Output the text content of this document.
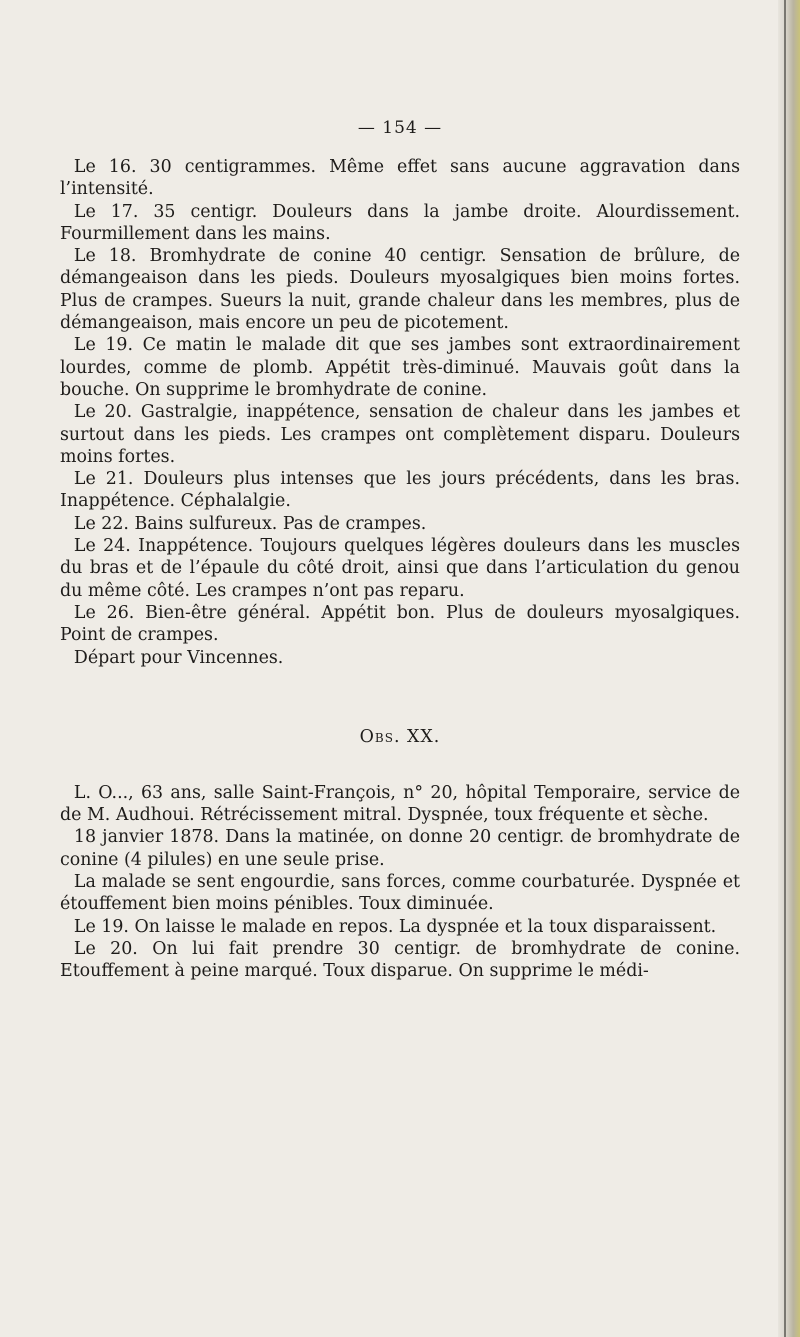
— 154 —

Le 16. 30 centigrammes. Même effet sans aucune aggravation dans l’intensité.

Le 17. 35 centigr. Douleurs dans la jambe droite. Alourdissement. Fourmillement dans les mains.

Le 18. Bromhydrate de conine 40 centigr. Sensation de brûlure, de démangeaison dans les pieds. Douleurs myosalgiques bien moins fortes. Plus de crampes. Sueurs la nuit, grande chaleur dans les membres, plus de démangeaison, mais encore un peu de picotement.

Le 19. Ce matin le malade dit que ses jambes sont extraordinairement lourdes, comme de plomb. Appétit très-diminué. Mauvais goût dans la bouche. On supprime le bromhydrate de conine.

Le 20. Gastralgie, inappétence, sensation de chaleur dans les jambes et surtout dans les pieds. Les crampes ont complètement disparu. Douleurs moins fortes.

Le 21. Douleurs plus intenses que les jours précédents, dans les bras. Inappétence. Céphalalgie.

Le 22. Bains sulfureux. Pas de crampes.

Le 24. Inappétence. Toujours quelques légères douleurs dans les muscles du bras et de l’épaule du côté droit, ainsi que dans l’articulation du genou du même côté. Les crampes n’ont pas reparu.

Le 26. Bien-être général. Appétit bon. Plus de douleurs myosalgiques. Point de crampes.

Départ pour Vincennes.

Obs. XX.

L. O..., 63 ans, salle Saint-François, n° 20, hôpital Temporaire, service de de M. Audhoui. Rétrécissement mitral. Dyspnée, toux fréquente et sèche.

18 janvier 1878. Dans la matinée, on donne 20 centigr. de bromhydrate de conine (4 pilules) en une seule prise.

La malade se sent engourdie, sans forces, comme courbaturée. Dyspnée et étouffement bien moins pénibles. Toux diminuée.

Le 19. On laisse le malade en repos. La dyspnée et la toux disparaissent.

Le 20. On lui fait prendre 30 centigr. de bromhydrate de conine. Etouffement à peine marqué. Toux disparue. On supprime le médi-
